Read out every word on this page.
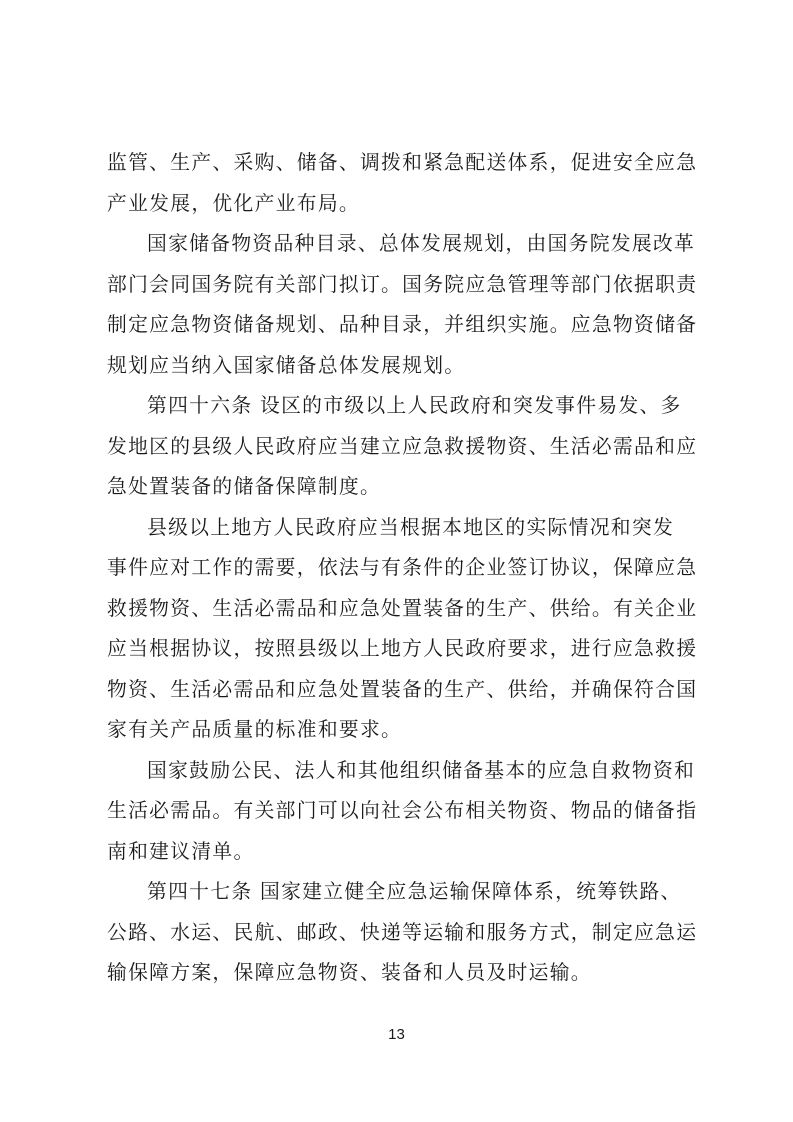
监管、生产、采购、储备、调拨和紧急配送体系，促进安全应急
产业发展，优化产业布局。

国家储备物资品种目录、总体发展规划，由国务院发展改革
部门会同国务院有关部门拟订。国务院应急管理等部门依据职责
制定应急物资储备规划、品种目录，并组织实施。应急物资储备
规划应当纳入国家储备总体发展规划。

第四十六条 设区的市级以上人民政府和突发事件易发、多
发地区的县级人民政府应当建立应急救援物资、生活必需品和应
急处置装备的储备保障制度。

县级以上地方人民政府应当根据本地区的实际情况和突发
事件应对工作的需要，依法与有条件的企业签订协议，保障应急
救援物资、生活必需品和应急处置装备的生产、供给。有关企业
应当根据协议，按照县级以上地方人民政府要求，进行应急救援
物资、生活必需品和应急处置装备的生产、供给，并确保符合国
家有关产品质量的标准和要求。

国家鼓励公民、法人和其他组织储备基本的应急自救物资和
生活必需品。有关部门可以向社会公布相关物资、物品的储备指
南和建议清单。

第四十七条 国家建立健全应急运输保障体系，统筹铁路、
公路、水运、民航、邮政、快递等运输和服务方式，制定应急运
输保障方案，保障应急物资、装备和人员及时运输。

13
